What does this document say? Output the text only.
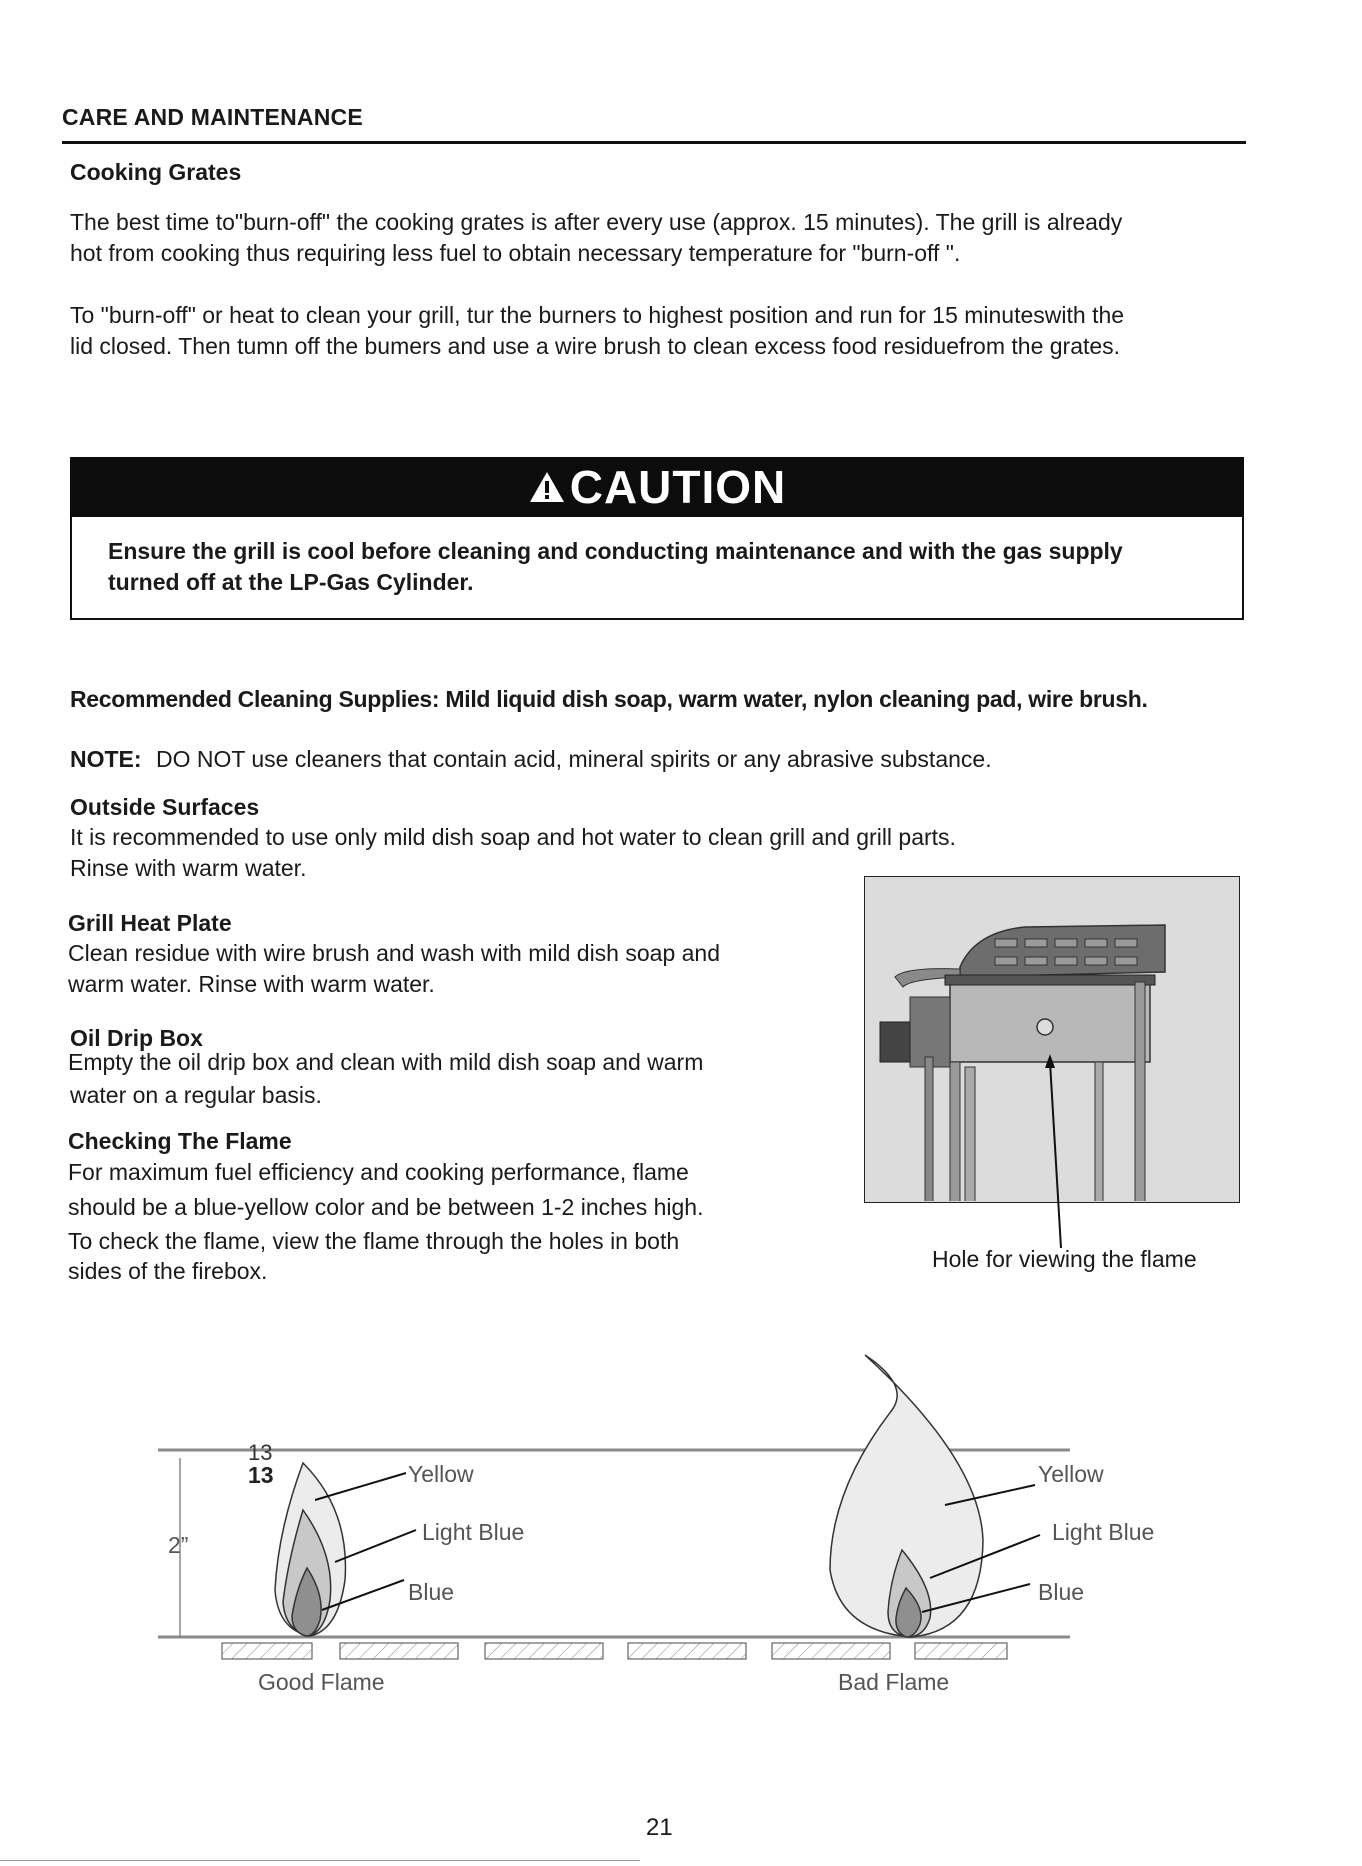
CARE AND MAINTENANCE
Cooking Grates
The best time to"burn-off" the cooking grates is after every use (approx. 15 minutes). The grill is already
hot from cooking thus requiring less fuel to obtain necessary temperature for "burn-off ".
To "burn-off" or heat to clean your grill, tur the burners to highest position and run for 15 minuteswith the
lid closed. Then tumn off the bumers and use a wire brush to clean excess food residuefrom the grates.
CAUTION
Ensure the grill is cool before cleaning and conducting maintenance and with the gas supply
turned off at the LP-Gas Cylinder.
Recommended Cleaning Supplies: Mild liquid dish soap, warm water, nylon cleaning pad, wire brush.
NOTE: DO NOT use cleaners that contain acid, mineral spirits or any abrasive substance.
Outside Surfaces
It is recommended to use only mild dish soap and hot water to clean grill and grill parts.
Rinse with warm water.
Grill Heat Plate
Clean residue with wire brush and wash with mild dish soap and
warm water. Rinse with warm water.
Oil Drip Box
Empty the oil drip box and clean with mild dish soap and warm
water on a regular basis.
Checking The Flame
For maximum fuel efficiency and cooking performance, flame
should be a blue-yellow color and be between 1-2 inches high.
To check the flame, view the flame through the holes in both
sides of the firebox.	Hole for viewing the flame
2”
13
13	Yellow
Light Blue
Blue
Good Flame
Yellow
Light Blue
Blue
Bad Flame
21
